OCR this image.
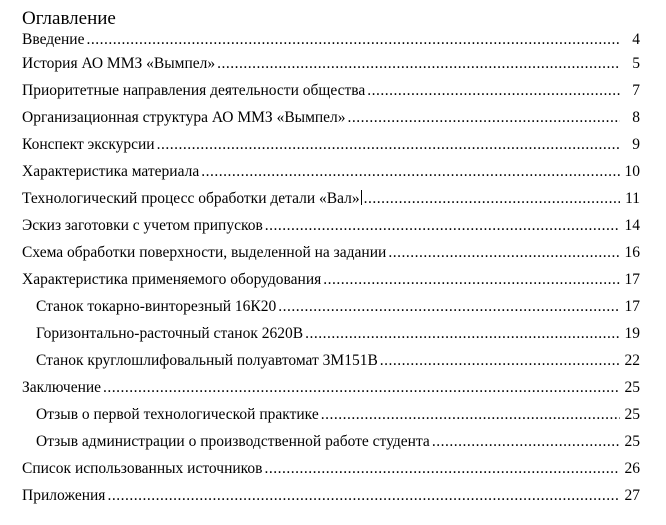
Оглавление
Введение .....	4
История АО ММЗ «Вымпел» .....	5
Приоритетные направления деятельности общества .....	7
Организационная структура АО ММЗ «Вымпел» .....	8
Конспект экскурсии .....	9
Характеристика материала .....	10
Технологический процесс обработки детали «Вал» .....	11
Эскиз заготовки с учетом припусков .....	14
Схема обработки поверхности, выделенной на задании .....	16
Характеристика применяемого оборудования .....	17
Станок токарно-винторезный 16К20 .....	17
Горизонтально-расточный станок 2620В .....	19
Станок круглошлифовальный полуавтомат 3М151В .....	22
Заключение .....	25
Отзыв о первой технологической практике .....	25
Отзыв администрации о производственной работе студента .....	25
Список использованных источников .....	26
Приложения .....	27
